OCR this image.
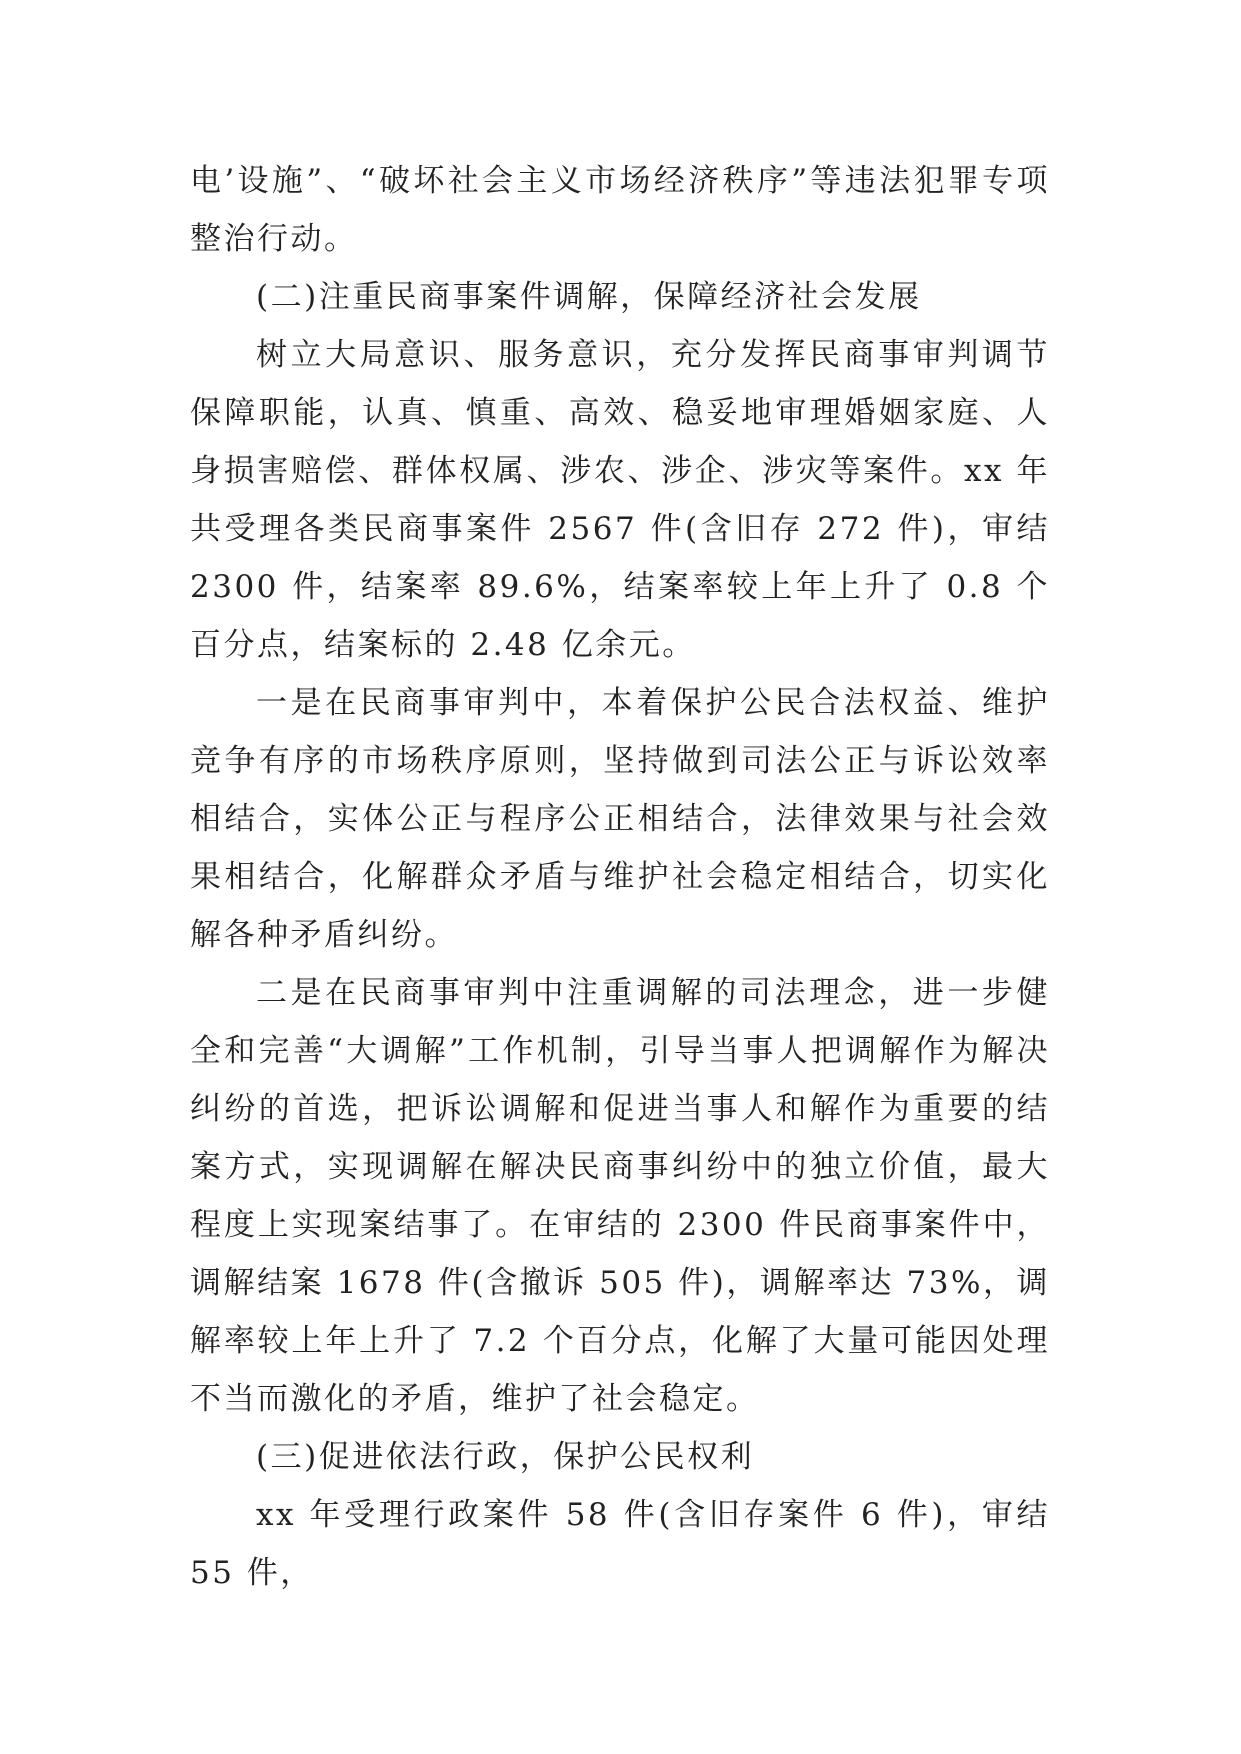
电’设施”、“破坏社会主义市场经济秩序”等违法犯罪专项整治行动。

(二)注重民商事案件调解，保障经济社会发展

树立大局意识、服务意识，充分发挥民商事审判调节保障职能，认真、慎重、高效、稳妥地审理婚姻家庭、人身损害赔偿、群体权属、涉农、涉企、涉灾等案件。xx 年共受理各类民商事案件 2567 件(含旧存 272 件)，审结 2300 件，结案率 89.6%，结案率较上年上升了 0.8 个百分点，结案标的 2.48 亿余元。

一是在民商事审判中，本着保护公民合法权益、维护竞争有序的市场秩序原则，坚持做到司法公正与诉讼效率相结合，实体公正与程序公正相结合，法律效果与社会效果相结合，化解群众矛盾与维护社会稳定相结合，切实化解各种矛盾纠纷。

二是在民商事审判中注重调解的司法理念，进一步健全和完善“大调解”工作机制，引导当事人把调解作为解决纠纷的首选，把诉讼调解和促进当事人和解作为重要的结案方式，实现调解在解决民商事纠纷中的独立价值，最大程度上实现案结事了。在审结的 2300 件民商事案件中，调解结案 1678 件(含撤诉 505 件)，调解率达 73%，调解率较上年上升了 7.2 个百分点，化解了大量可能因处理不当而激化的矛盾，维护了社会稳定。

(三)促进依法行政，保护公民权利

xx 年受理行政案件 58 件(含旧存案件 6 件)，审结 55 件，
